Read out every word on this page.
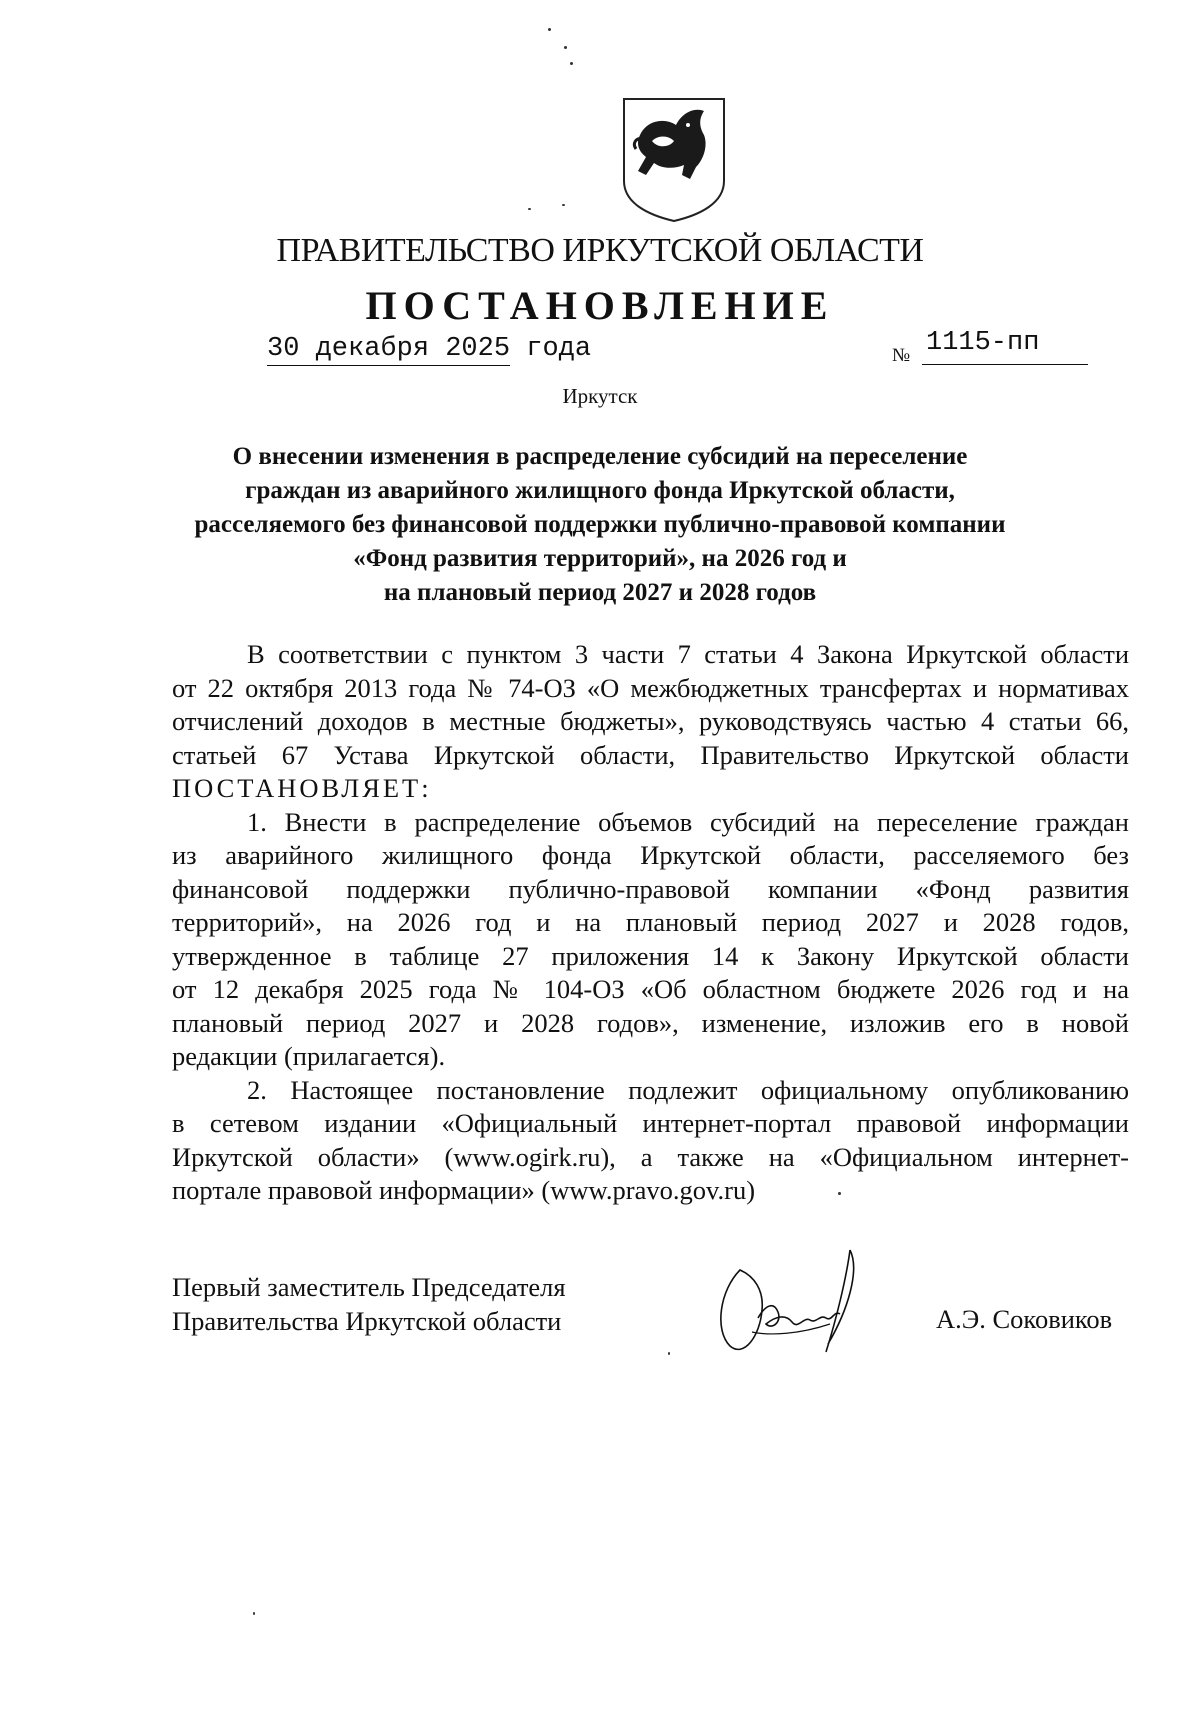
ПРАВИТЕЛЬСТВО ИРКУТСКОЙ ОБЛАСТИ
ПОСТАНОВЛЕНИЕ
30 декабря 2025 года	№ 1115-пп
Иркутск
О внесении изменения в распределение субсидий на переселение
граждан из аварийного жилищного фонда Иркутской области,
расселяемого без финансовой поддержки публично-правовой компании
«Фонд развития территорий», на 2026 год и
на плановый период 2027 и 2028 годов
В соответствии с пунктом 3 части 7 статьи 4 Закона Иркутской области
от 22 октября 2013 года № 74-ОЗ «О межбюджетных трансфертах и нормативах
отчислений доходов в местные бюджеты», руководствуясь частью 4 статьи 66,
статьей 67 Устава Иркутской области, Правительство Иркутской области
ПОСТАНОВЛЯЕТ:
1. Внести в распределение объемов субсидий на переселение граждан
из аварийного жилищного фонда Иркутской области, расселяемого без
финансовой поддержки публично-правовой компании «Фонд развития
территорий», на 2026 год и на плановый период 2027 и 2028 годов,
утвержденное в таблице 27 приложения 14 к Закону Иркутской области
от 12 декабря 2025 года № 104-ОЗ «Об областном бюджете 2026 год и на
плановый период 2027 и 2028 годов», изменение, изложив его в новой
редакции (прилагается).
2. Настоящее постановление подлежит официальному опубликованию
в сетевом издании «Официальный интернет-портал правовой информации
Иркутской области» (www.ogirk.ru), а также на «Официальном интернет-
портале правовой информации» (www.pravo.gov.ru)
Первый заместитель Председателя
Правительства Иркутской области	А.Э. Соковиков
